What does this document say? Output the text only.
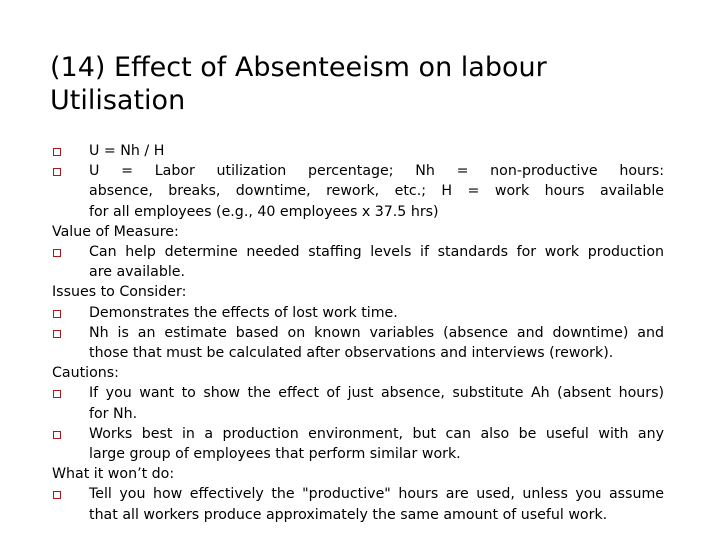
(14) Effect of Absenteeism on labour
Utilisation
U = Nh / H
U = Labor utilization percentage; Nh = non-productive hours:
absence, breaks, downtime, rework, etc.; H = work hours available
for all employees (e.g., 40 employees x 37.5 hrs)
Value of Measure:
Can help determine needed staffing levels if standards for work production
are available.
Issues to Consider:
Demonstrates the effects of lost work time.
Nh is an estimate based on known variables (absence and downtime) and
those that must be calculated after observations and interviews (rework).
Cautions:
If you want to show the effect of just absence, substitute Ah (absent hours)
for Nh.
Works best in a production environment, but can also be useful with any
large group of employees that perform similar work.
What it won’t do:
Tell you how effectively the "productive" hours are used, unless you assume
that all workers produce approximately the same amount of useful work.
